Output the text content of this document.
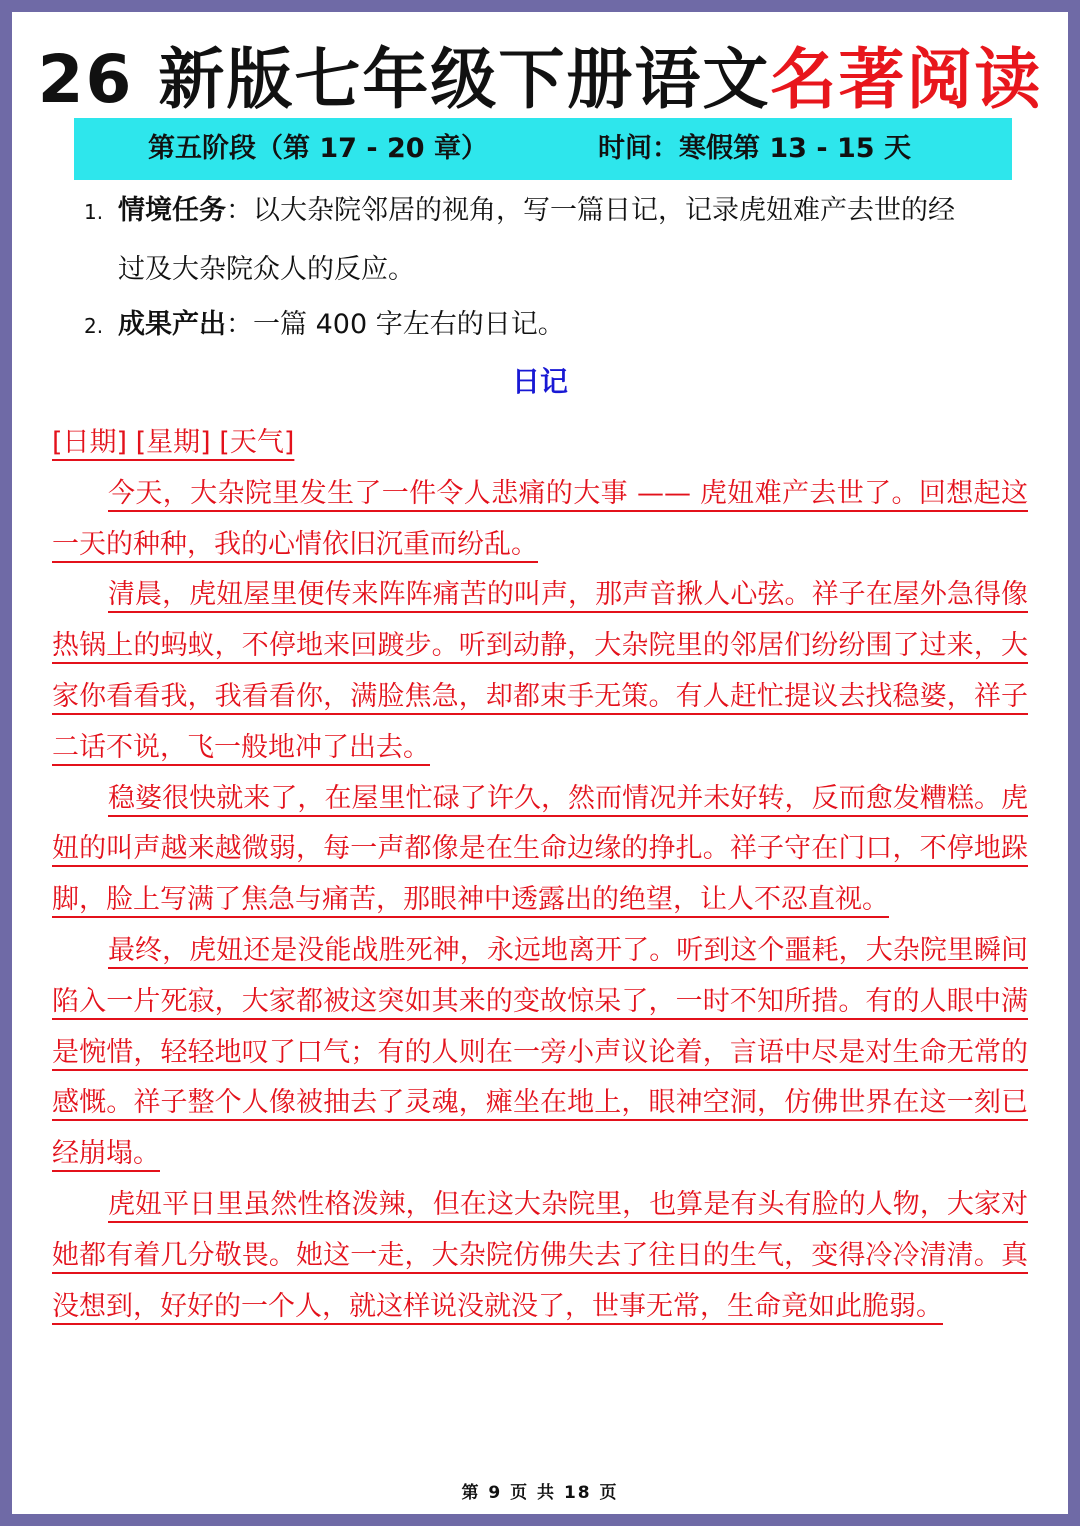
26 新版七年级下册语文名著阅读
第五阶段（第 17 - 20 章）	时间：寒假第 13 - 15 天
1. 情境任务：以大杂院邻居的视角，写一篇日记，记录虎妞难产去世的经
过及大杂院众人的反应。
2. 成果产出：一篇 400 字左右的日记。
日记

[日期] [星期] [天气]

今天，大杂院里发生了一件令人悲痛的大事 —— 虎妞难产去世了。回想起这一天的种种，我的心情依旧沉重而纷乱。

清晨，虎妞屋里便传来阵阵痛苦的叫声，那声音揪人心弦。祥子在屋外急得像热锅上的蚂蚁，不停地来回踱步。听到动静，大杂院里的邻居们纷纷围了过来，大家你看看我，我看看你，满脸焦急，却都束手无策。有人赶忙提议去找稳婆，祥子二话不说，飞一般地冲了出去。

稳婆很快就来了，在屋里忙碌了许久，然而情况并未好转，反而愈发糟糕。虎妞的叫声越来越微弱，每一声都像是在生命边缘的挣扎。祥子守在门口，不停地跺脚，脸上写满了焦急与痛苦，那眼神中透露出的绝望，让人不忍直视。

最终，虎妞还是没能战胜死神，永远地离开了。听到这个噩耗，大杂院里瞬间陷入一片死寂，大家都被这突如其来的变故惊呆了，一时不知所措。有的人眼中满是惋惜，轻轻地叹了口气；有的人则在一旁小声议论着，言语中尽是对生命无常的感慨。祥子整个人像被抽去了灵魂，瘫坐在地上，眼神空洞，仿佛世界在这一刻已经崩塌。

虎妞平日里虽然性格泼辣，但在这大杂院里，也算是有头有脸的人物，大家对她都有着几分敬畏。她这一走，大杂院仿佛失去了往日的生气，变得冷冷清清。真没想到，好好的一个人，就这样说没就没了，世事无常，生命竟如此脆弱。

第 9 页 共 18 页
